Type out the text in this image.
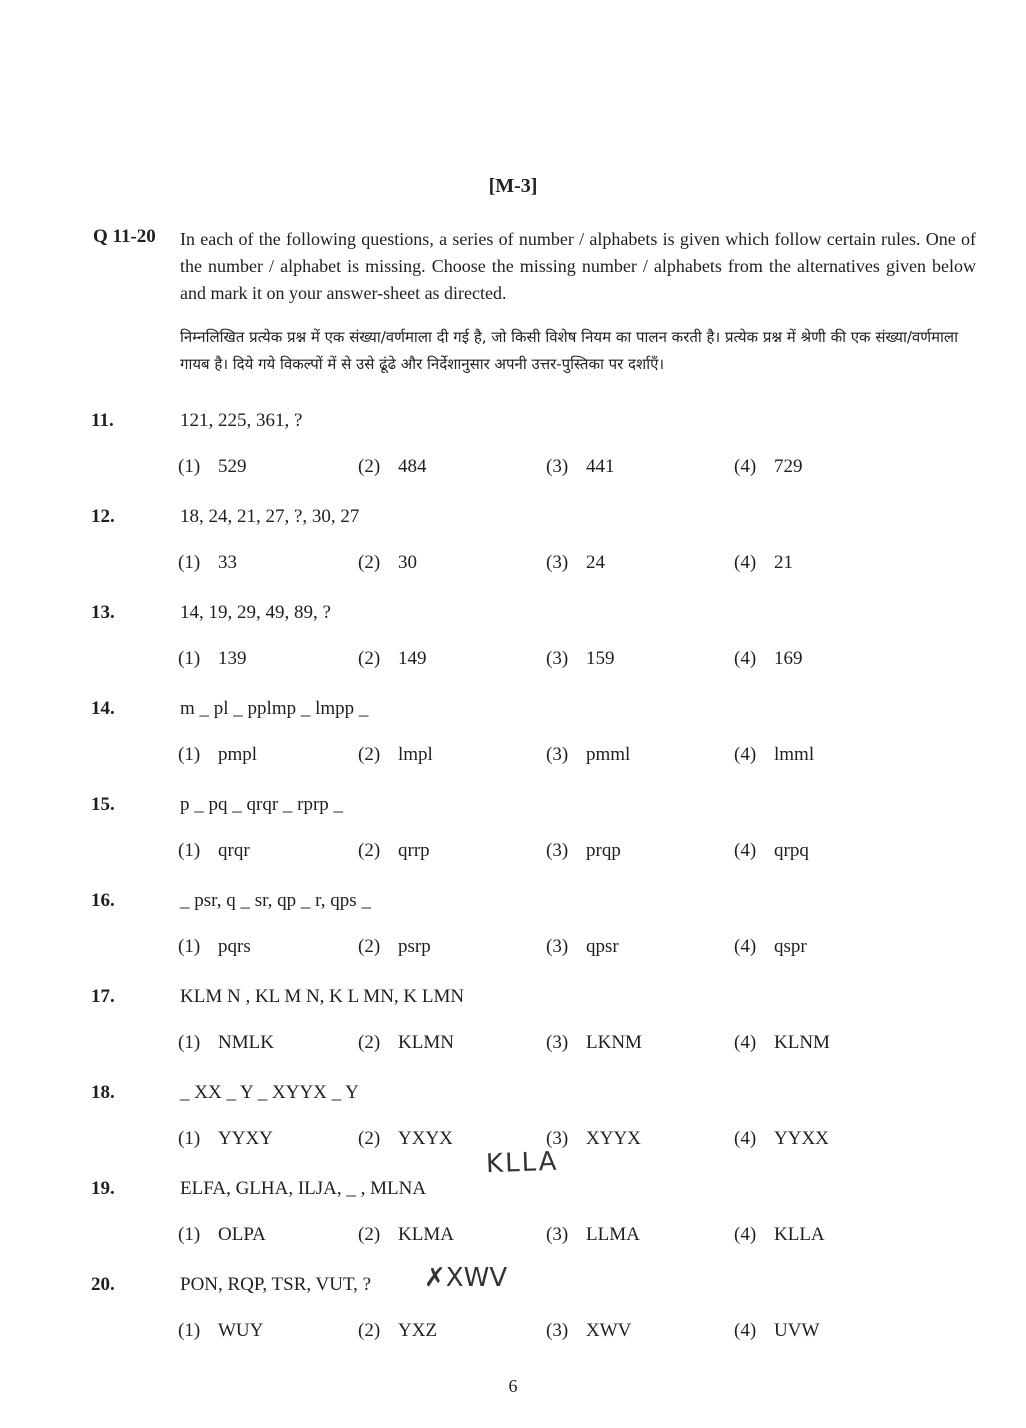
[M-3]
Q 11-20 In each of the following questions, a series of number / alphabets is given which follow certain rules. One of the number / alphabet is missing. Choose the missing number / alphabets from the alternatives given below and mark it on your answer-sheet as directed.
निम्नलिखित प्रत्येक प्रश्न में एक संख्या/वर्णमाला दी गई है, जो किसी विशेष नियम का पालन करती है। प्रत्येक प्रश्न में श्रेणी की एक संख्या/वर्णमाला गायब है। दिये गये विकल्पों में से उसे ढूंढे और निर्देशानुसार अपनी उत्तर-पुस्तिका पर दर्शाएँ।
11.	121, 225, 361, ?
(1) 529	(2) 484	(3) 441	(4) 729
12.	18, 24, 21, 27, ?, 30, 27
(1) 33	(2) 30	(3) 24	(4) 21
13.	14, 19, 29, 49, 89, ?
(1) 139	(2) 149	(3) 159	(4) 169
14.	m _ pl _ pplmp _ lmpp _
(1) pmpl	(2) lmpl	(3) pmml	(4) lmml
15.	p _ pq _ qrqr _ rprp _
(1) qrqr	(2) qrrp	(3) prqp	(4) qrpq
16.	_ psr, q _ sr, qp _ r, qps _
(1) pqrs	(2) psrp	(3) qpsr	(4) qspr
17.	KLM N , KL M N, K L MN, K LMN
(1) NMLK	(2) KLMN	(3) LKNM	(4) KLNM
18.	_ XX _ Y _ XYYX _ Y
(1) YYXY	(2) YXYX	(3) XYYX	(4) YYXX
19.	ELFA, GLHA, ILJA, _ , MLNA
(1) OLPA	(2) KLMA	(3) LLMA	(4) KLLA
20.	PON, RQP, TSR, VUT, ?
(1) WUY	(2) YXZ	(3) XWV	(4) UVW
KLLA
✗XWV
6
